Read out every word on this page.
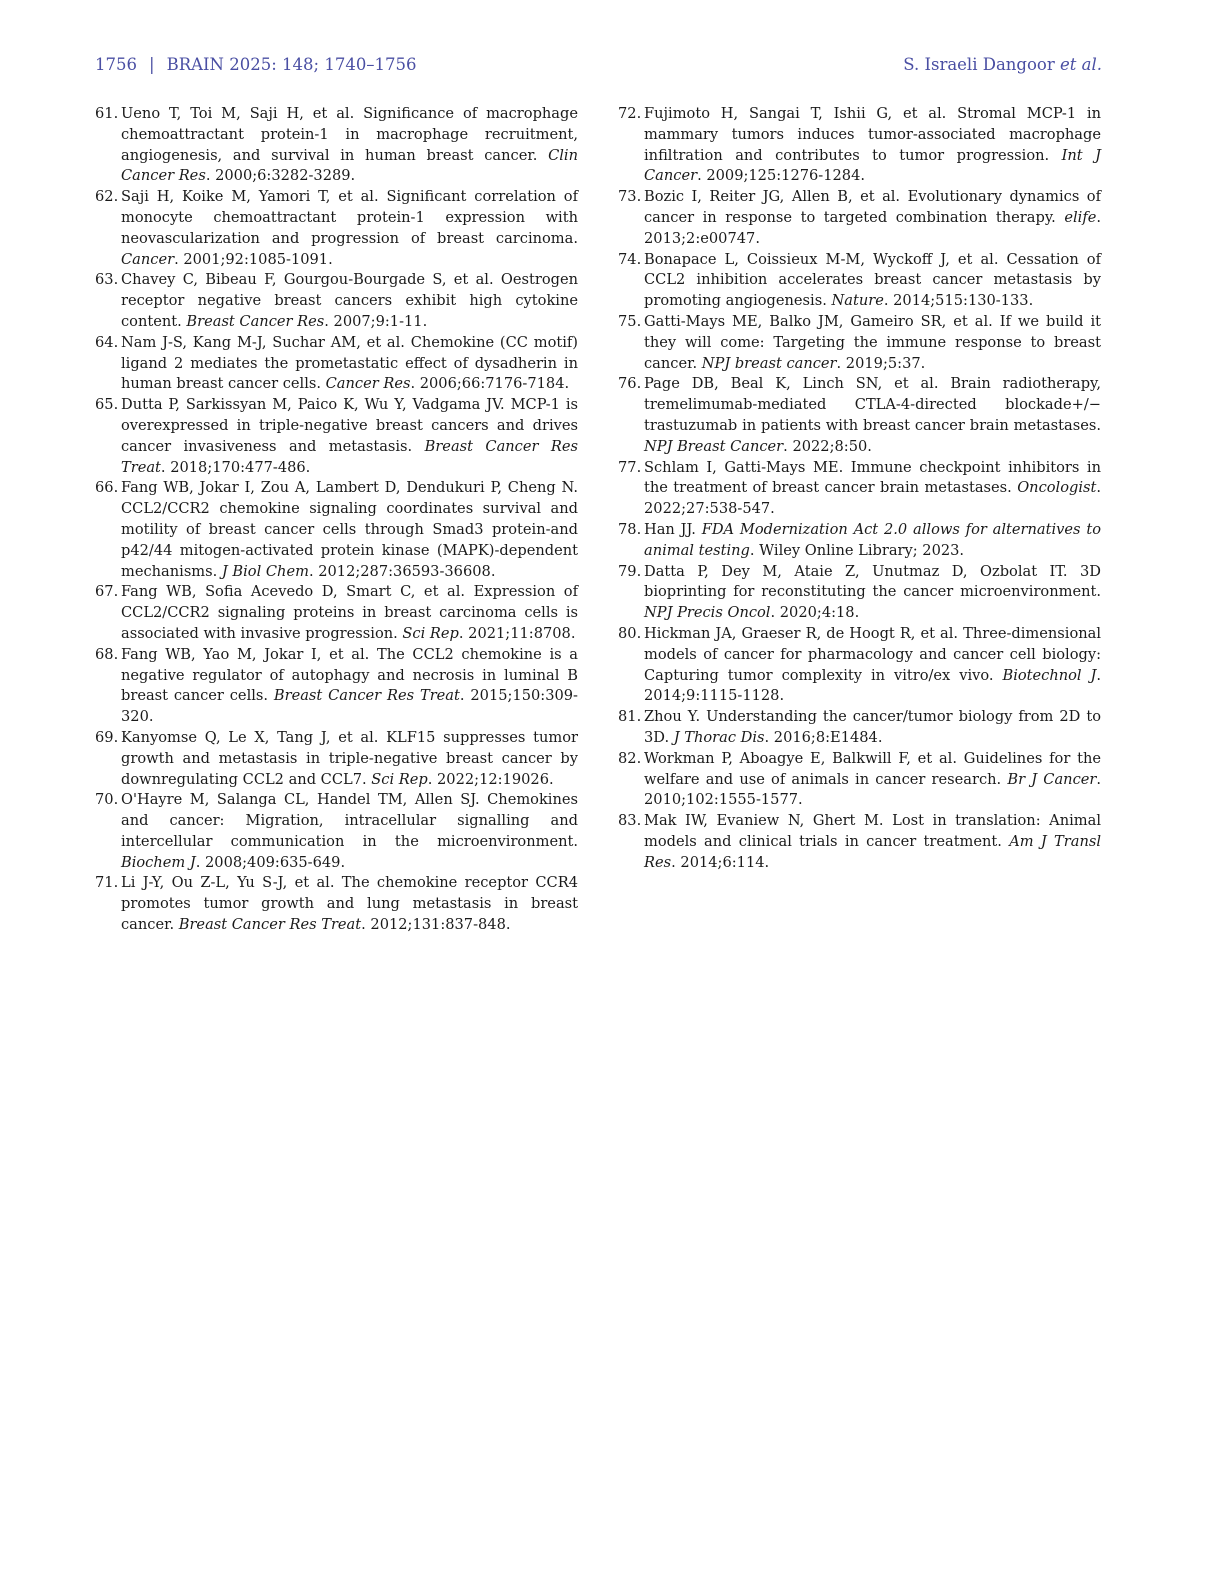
1756 | BRAIN 2025: 148; 1740–1756	S. Israeli Dangoor et al.
61. Ueno T, Toi M, Saji H, et al. Significance of macrophage chemoattractant protein-1 in macrophage recruitment, angiogenesis, and survival in human breast cancer. Clin Cancer Res. 2000;6:3282-3289.
62. Saji H, Koike M, Yamori T, et al. Significant correlation of monocyte chemoattractant protein-1 expression with neovascularization and progression of breast carcinoma. Cancer. 2001;92:1085-1091.
63. Chavey C, Bibeau F, Gourgou-Bourgade S, et al. Oestrogen receptor negative breast cancers exhibit high cytokine content. Breast Cancer Res. 2007;9:1-11.
64. Nam J-S, Kang M-J, Suchar AM, et al. Chemokine (CC motif) ligand 2 mediates the prometastatic effect of dysadherin in human breast cancer cells. Cancer Res. 2006;66:7176-7184.
65. Dutta P, Sarkissyan M, Paico K, Wu Y, Vadgama JV. MCP-1 is overexpressed in triple-negative breast cancers and drives cancer invasiveness and metastasis. Breast Cancer Res Treat. 2018;170:477-486.
66. Fang WB, Jokar I, Zou A, Lambert D, Dendukuri P, Cheng N. CCL2/CCR2 chemokine signaling coordinates survival and motility of breast cancer cells through Smad3 protein-and p42/44 mitogen-activated protein kinase (MAPK)-dependent mechanisms. J Biol Chem. 2012;287:36593-36608.
67. Fang WB, Sofia Acevedo D, Smart C, et al. Expression of CCL2/CCR2 signaling proteins in breast carcinoma cells is associated with invasive progression. Sci Rep. 2021;11:8708.
68. Fang WB, Yao M, Jokar I, et al. The CCL2 chemokine is a negative regulator of autophagy and necrosis in luminal B breast cancer cells. Breast Cancer Res Treat. 2015;150:309-320.
69. Kanyomse Q, Le X, Tang J, et al. KLF15 suppresses tumor growth and metastasis in triple-negative breast cancer by downregulating CCL2 and CCL7. Sci Rep. 2022;12:19026.
70. O'Hayre M, Salanga CL, Handel TM, Allen SJ. Chemokines and cancer: Migration, intracellular signalling and intercellular communication in the microenvironment. Biochem J. 2008;409:635-649.
71. Li J-Y, Ou Z-L, Yu S-J, et al. The chemokine receptor CCR4 promotes tumor growth and lung metastasis in breast cancer. Breast Cancer Res Treat. 2012;131:837-848.
72. Fujimoto H, Sangai T, Ishii G, et al. Stromal MCP-1 in mammary tumors induces tumor-associated macrophage infiltration and contributes to tumor progression. Int J Cancer. 2009;125:1276-1284.
73. Bozic I, Reiter JG, Allen B, et al. Evolutionary dynamics of cancer in response to targeted combination therapy. elife. 2013;2:e00747.
74. Bonapace L, Coissieux M-M, Wyckoff J, et al. Cessation of CCL2 inhibition accelerates breast cancer metastasis by promoting angiogenesis. Nature. 2014;515:130-133.
75. Gatti-Mays ME, Balko JM, Gameiro SR, et al. If we build it they will come: Targeting the immune response to breast cancer. NPJ breast cancer. 2019;5:37.
76. Page DB, Beal K, Linch SN, et al. Brain radiotherapy, tremelimumab-mediated CTLA-4-directed blockade+/− trastuzumab in patients with breast cancer brain metastases. NPJ Breast Cancer. 2022;8:50.
77. Schlam I, Gatti-Mays ME. Immune checkpoint inhibitors in the treatment of breast cancer brain metastases. Oncologist. 2022;27:538-547.
78. Han JJ. FDA Modernization Act 2.0 allows for alternatives to animal testing. Wiley Online Library; 2023.
79. Datta P, Dey M, Ataie Z, Unutmaz D, Ozbolat IT. 3D bioprinting for reconstituting the cancer microenvironment. NPJ Precis Oncol. 2020;4:18.
80. Hickman JA, Graeser R, de Hoogt R, et al. Three-dimensional models of cancer for pharmacology and cancer cell biology: Capturing tumor complexity in vitro/ex vivo. Biotechnol J. 2014;9:1115-1128.
81. Zhou Y. Understanding the cancer/tumor biology from 2D to 3D. J Thorac Dis. 2016;8:E1484.
82. Workman P, Aboagye E, Balkwill F, et al. Guidelines for the welfare and use of animals in cancer research. Br J Cancer. 2010;102:1555-1577.
83. Mak IW, Evaniew N, Ghert M. Lost in translation: Animal models and clinical trials in cancer treatment. Am J Transl Res. 2014;6:114.
